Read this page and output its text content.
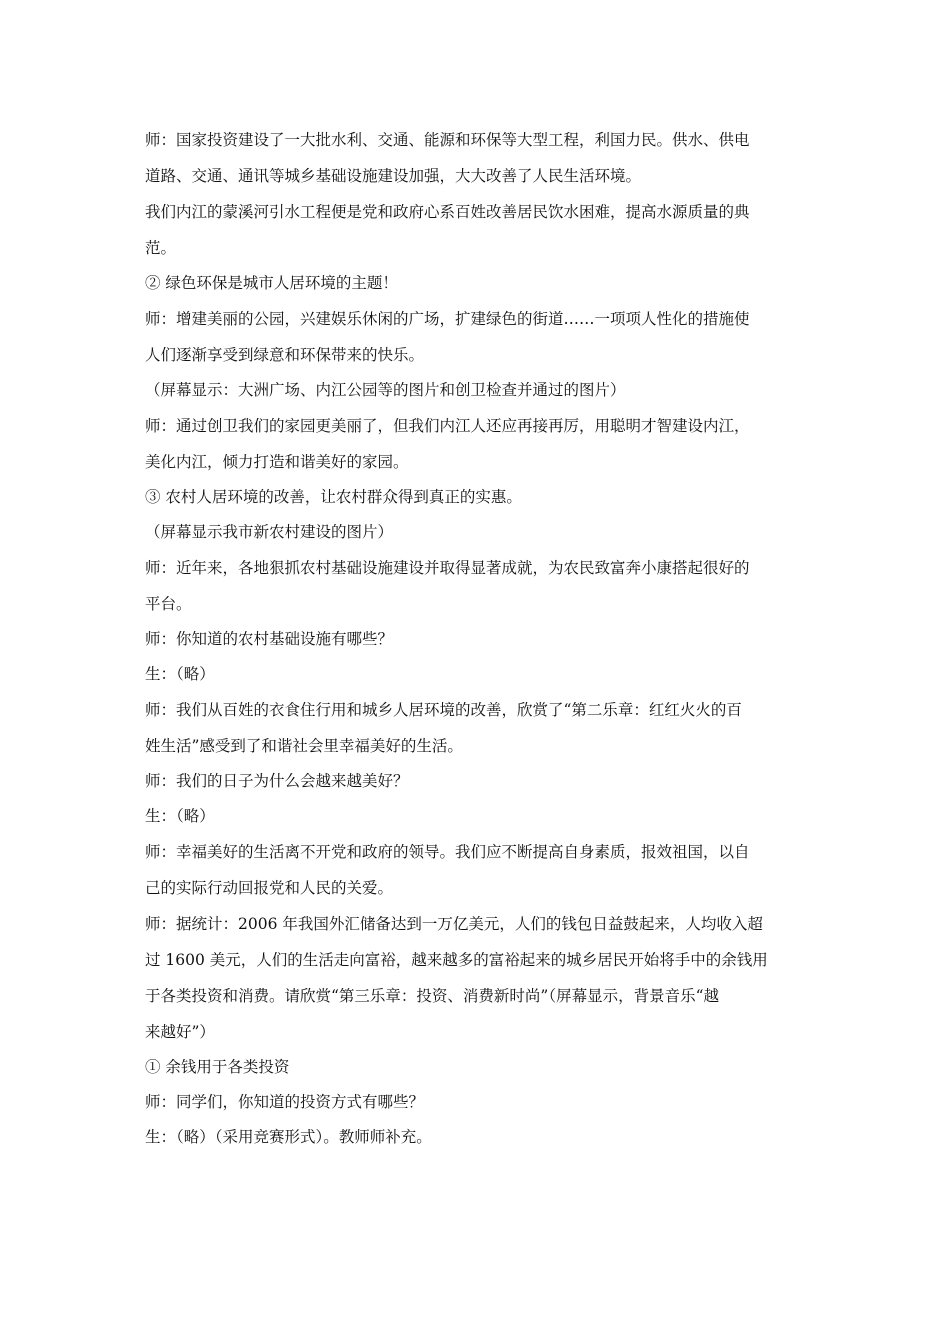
师：国家投资建设了一大批水利、交通、能源和环保等大型工程，利国力民。供水、供电
道路、交通、通讯等城乡基础设施建设加强，大大改善了人民生活环境。
我们内江的蒙溪河引水工程便是党和政府心系百姓改善居民饮水困难，提高水源质量的典
范。
② 绿色环保是城市人居环境的主题！
师：增建美丽的公园，兴建娱乐休闲的广场，扩建绿色的街道……一项项人性化的措施使
人们逐渐享受到绿意和环保带来的快乐。
（屏幕显示：大洲广场、内江公园等的图片和创卫检查并通过的图片）
师：通过创卫我们的家园更美丽了，但我们内江人还应再接再厉，用聪明才智建设内江，
美化内江，倾力打造和谐美好的家园。
③ 农村人居环境的改善，让农村群众得到真正的实惠。
（屏幕显示我市新农村建设的图片）
师：近年来，各地狠抓农村基础设施建设并取得显著成就，为农民致富奔小康搭起很好的
平台。
师：你知道的农村基础设施有哪些？
生：（略）
师：我们从百姓的衣食住行用和城乡人居环境的改善，欣赏了“第二乐章：红红火火的百
姓生活”感受到了和谐社会里幸福美好的生活。
师：我们的日子为什么会越来越美好？
生：（略）
师：幸福美好的生活离不开党和政府的领导。我们应不断提高自身素质，报效祖国，以自
己的实际行动回报党和人民的关爱。
师：据统计：2006 年我国外汇储备达到一万亿美元，人们的钱包日益鼓起来，人均收入超
过 1600 美元，人们的生活走向富裕，越来越多的富裕起来的城乡居民开始将手中的余钱用
于各类投资和消费。请欣赏“第三乐章：投资、消费新时尚”（屏幕显示，背景音乐“越
来越好”）
① 余钱用于各类投资
师：同学们，你知道的投资方式有哪些？
生：（略）（采用竞赛形式）。教师师补充。
